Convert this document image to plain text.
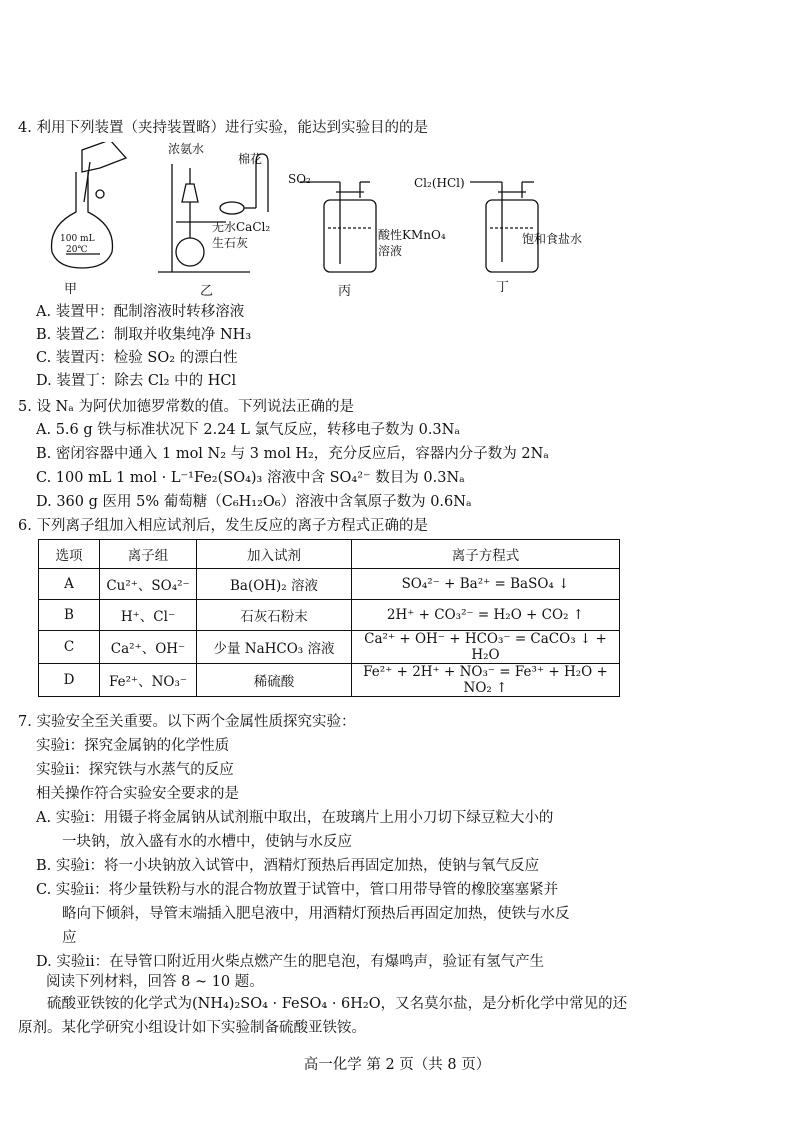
4. 利用下列装置（夹持装置略）进行实验，能达到实验目的的是
100 mL
20℃
浓氨水
棉花
无水CaCl₂
生石灰
SO₂
酸性KMnO₄
溶液
Cl₂(HCl)
饱和食盐水
甲	乙	丙	丁
A. 装置甲：配制溶液时转移溶液
B. 装置乙：制取并收集纯净 NH₃
C. 装置丙：检验 SO₂ 的漂白性
D. 装置丁：除去 Cl₂ 中的 HCl
5. 设 Nₐ 为阿伏加德罗常数的值。下列说法正确的是
A. 5.6 g 铁与标准状况下 2.24 L 氯气反应，转移电子数为 0.3Nₐ
B. 密闭容器中通入 1 mol N₂ 与 3 mol H₂，充分反应后，容器内分子数为 2Nₐ
C. 100 mL 1 mol · L⁻¹Fe₂(SO₄)₃ 溶液中含 SO₄²⁻ 数目为 0.3Nₐ
D. 360 g 医用 5% 葡萄糖（C₆H₁₂O₆）溶液中含氧原子数为 0.6Nₐ
6. 下列离子组加入相应试剂后，发生反应的离子方程式正确的是
选项	离子组	加入试剂	离子方程式
A	Cu²⁺、SO₄²⁻	Ba(OH)₂ 溶液	SO₄²⁻ + Ba²⁺ = BaSO₄ ↓
B	H⁺、Cl⁻	石灰石粉末	2H⁺ + CO₃²⁻ = H₂O + CO₂ ↑
C	Ca²⁺、OH⁻	少量 NaHCO₃ 溶液	Ca²⁺ + OH⁻ + HCO₃⁻ = CaCO₃ ↓ + H₂O
D	Fe²⁺、NO₃⁻	稀硫酸	Fe²⁺ + 2H⁺ + NO₃⁻ = Fe³⁺ + H₂O + NO₂ ↑
7. 实验安全至关重要。以下两个金属性质探究实验：
实验ⅰ：探究金属钠的化学性质
实验ⅱ：探究铁与水蒸气的反应
相关操作符合实验安全要求的是
A. 实验ⅰ：用镊子将金属钠从试剂瓶中取出，在玻璃片上用小刀切下绿豆粒大小的
一块钠，放入盛有水的水槽中，使钠与水反应
B. 实验ⅰ：将一小块钠放入试管中，酒精灯预热后再固定加热，使钠与氧气反应
C. 实验ⅱ：将少量铁粉与水的混合物放置于试管中，管口用带导管的橡胶塞塞紧并
略向下倾斜，导管末端插入肥皂液中，用酒精灯预热后再固定加热，使铁与水反
应
D. 实验ⅱ：在导管口附近用火柴点燃产生的肥皂泡，有爆鸣声，验证有氢气产生
阅读下列材料，回答 8 ~ 10 题。
硫酸亚铁铵的化学式为(NH₄)₂SO₄ · FeSO₄ · 6H₂O，又名莫尔盐，是分析化学中常见的还原剂。某化学研究小组设计如下实验制备硫酸亚铁铵。
高一化学 第 2 页（共 8 页）
